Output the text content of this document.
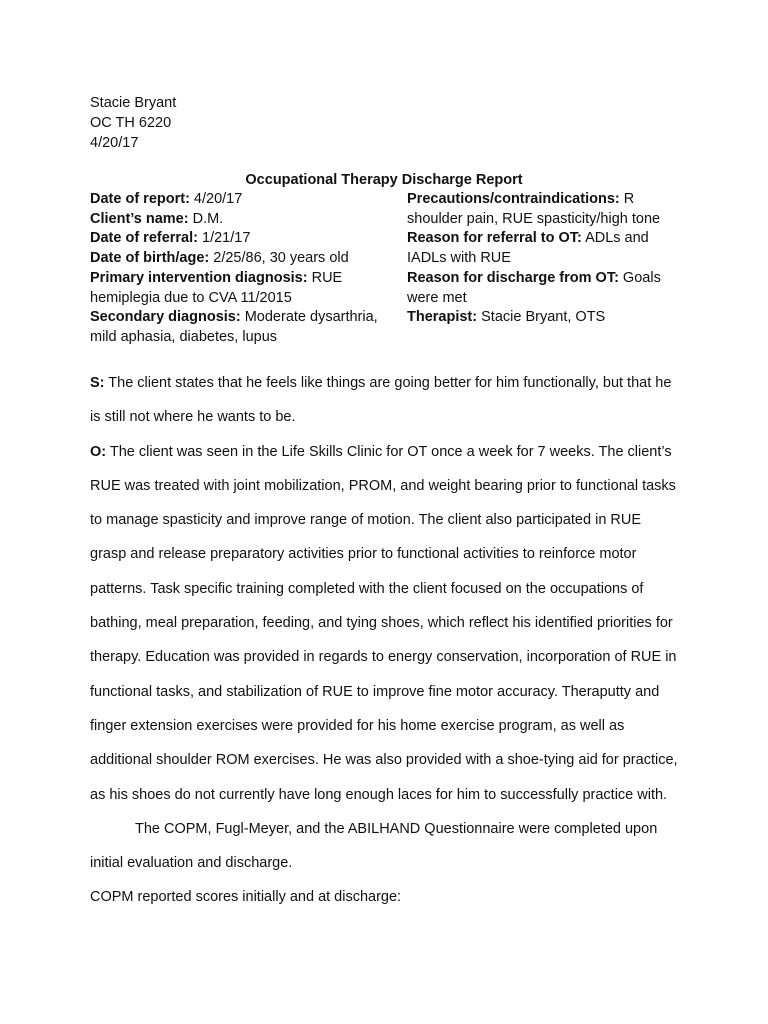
Stacie Bryant
OC TH 6220
4/20/17
Occupational Therapy Discharge Report
Date of report: 4/20/17
Client’s name: D.M.
Date of referral: 1/21/17
Date of birth/age: 2/25/86, 30 years old
Primary intervention diagnosis: RUE hemiplegia due to CVA 11/2015
Secondary diagnosis: Moderate dysarthria, mild aphasia, diabetes, lupus
Precautions/contraindications: R shoulder pain, RUE spasticity/high tone
Reason for referral to OT: ADLs and IADLs with RUE
Reason for discharge from OT: Goals were met
Therapist: Stacie Bryant, OTS
S: The client states that he feels like things are going better for him functionally, but that he
is still not where he wants to be.
O: The client was seen in the Life Skills Clinic for OT once a week for 7 weeks. The client’s
RUE was treated with joint mobilization, PROM, and weight bearing prior to functional tasks
to manage spasticity and improve range of motion. The client also participated in RUE
grasp and release preparatory activities prior to functional activities to reinforce motor
patterns. Task specific training completed with the client focused on the occupations of
bathing, meal preparation, feeding, and tying shoes, which reflect his identified priorities for
therapy. Education was provided in regards to energy conservation, incorporation of RUE in
functional tasks, and stabilization of RUE to improve fine motor accuracy. Theraputty and
finger extension exercises were provided for his home exercise program, as well as
additional shoulder ROM exercises. He was also provided with a shoe-tying aid for practice,
as his shoes do not currently have long enough laces for him to successfully practice with.
The COPM, Fugl-Meyer, and the ABILHAND Questionnaire were completed upon
initial evaluation and discharge.
COPM reported scores initially and at discharge:
